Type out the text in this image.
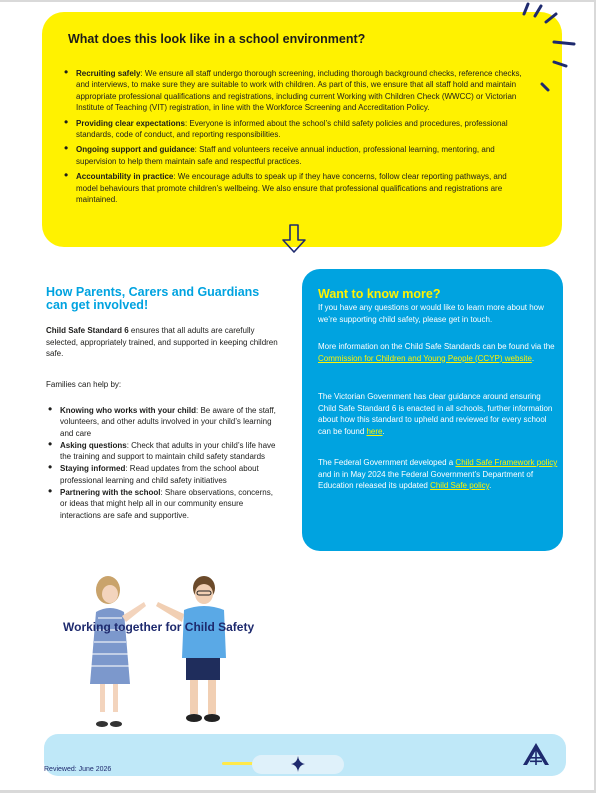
What does this look like in a school environment?
• Recruiting safely: We ensure all staff undergo thorough screening, including thorough background checks, reference checks, and interviews, to make sure they are suitable to work with children. As part of this, we ensure that all staff hold and maintain appropriate professional qualifications and registrations, including current Working with Children Check (WWCC) or Victorian Institute of Teaching (VIT) registration, in line with the Workforce Screening and Accreditation Policy.
• Providing clear expectations: Everyone is informed about the school’s child safety policies and procedures, professional standards, code of conduct, and reporting responsibilities.
• Ongoing support and guidance: Staff and volunteers receive annual induction, professional learning, mentoring, and supervision to help them maintain safe and respectful practices.
• Accountability in practice: We encourage adults to speak up if they have concerns, follow clear reporting pathways, and model behaviours that promote children’s wellbeing. We also ensure that professional qualifications and registrations are maintained.
How Parents, Carers and Guardians can get involved!

Child Safe Standard 6 ensures that all adults are carefully selected, appropriately trained, and supported in keeping children safe.

Families can help by:

• Knowing who works with your child: Be aware of the staff, volunteers, and other adults involved in your child’s learning and care
• Asking questions: Check that adults in your child’s life have the training and support to maintain child safety standards
• Staying informed: Read updates from the school about professional learning and child safety initiatives
• Partnering with the school: Share observations, concerns, or ideas that might help all in our community ensure interactions are safe and supportive.
Want to know more?

If you have any questions or would like to learn more about how we’re supporting child safety, please get in touch.

More information on the Child Safe Standards can be found via the Commission for Children and Young People (CCYP) website.

The Victorian Government has clear guidance around ensuring Child Safe Standard 6 is enacted in all schools, further information about how this standard to upheld and reviewed for every school can be found here.

The Federal Government developed a Child Safe Framework policy and in in May 2024 the Federal Government’s Department of Education released its updated Child Safe policy.

Working together for Child Safety
Reviewed: June 2026
